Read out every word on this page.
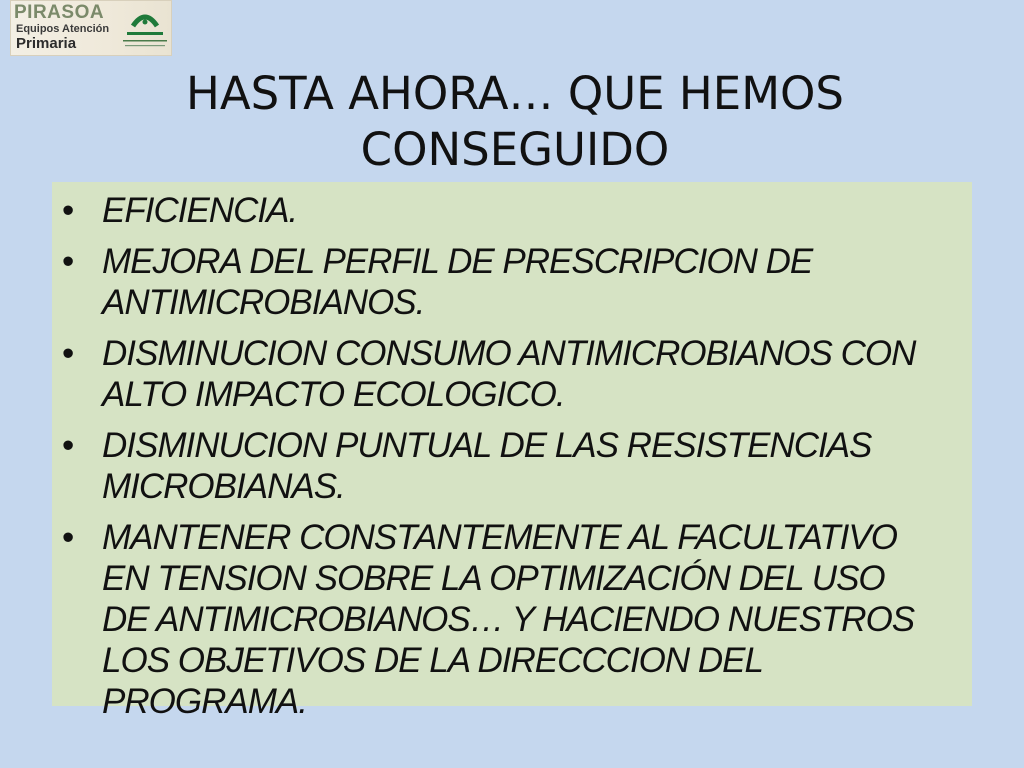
PIRASOA
Equipos Atención
Primaria
HASTA AHORA… QUE HEMOS CONSEGUIDO
• EFICIENCIA.
• MEJORA DEL PERFIL DE PRESCRIPCION DE ANTIMICROBIANOS.
• DISMINUCION CONSUMO ANTIMICROBIANOS CON ALTO IMPACTO ECOLOGICO.
• DISMINUCION PUNTUAL DE LAS RESISTENCIAS MICROBIANAS.
• MANTENER CONSTANTEMENTE AL FACULTATIVO EN TENSION SOBRE LA OPTIMIZACIÓN DEL USO DE ANTIMICROBIANOS… Y HACIENDO NUESTROS LOS OBJETIVOS DE LA DIRECCCION DEL PROGRAMA.
